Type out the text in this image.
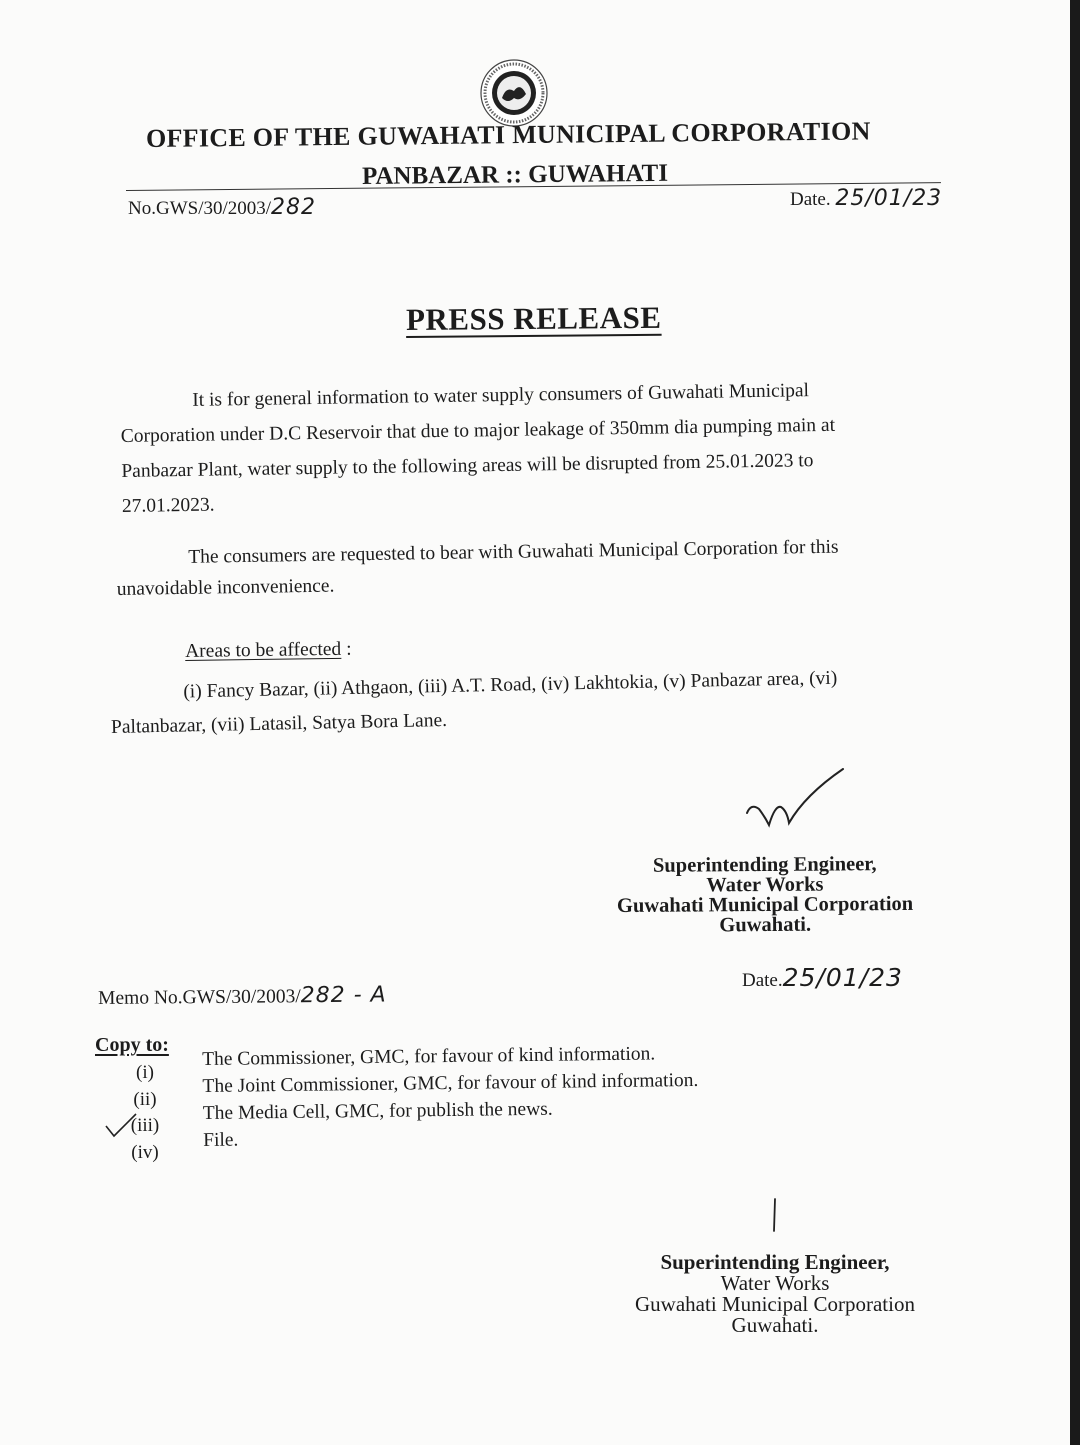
OFFICE OF THE GUWAHATI MUNICIPAL CORPORATION
PANBAZAR :: GUWAHATI
No.GWS/30/2003/282	Date. 25/01/23
PRESS RELEASE
It is for general information to water supply consumers of Guwahati Municipal
Corporation under D.C Reservoir that due to major leakage of 350mm dia pumping main at
Panbazar Plant, water supply to the following areas will be disrupted from 25.01.2023 to
27.01.2023.
The consumers are requested to bear with Guwahati Municipal Corporation for this
unavoidable inconvenience.
Areas to be affected :
(i) Fancy Bazar, (ii) Athgaon, (iii) A.T. Road, (iv) Lakhtokia, (v) Panbazar area, (vi)
Paltanbazar, (vii) Latasil, Satya Bora Lane.
Superintending Engineer,
Water Works
Guwahati Municipal Corporation
Guwahati.
Memo No.GWS/30/2003/282 - A
Date.25/01/23
Copy to:
(i)
(ii)
(iii)
(iv)
The Commissioner, GMC, for favour of kind information.
The Joint Commissioner, GMC, for favour of kind information.
The Media Cell, GMC, for publish the news.
File.
Superintending Engineer,
Water Works
Guwahati Municipal Corporation
Guwahati.
